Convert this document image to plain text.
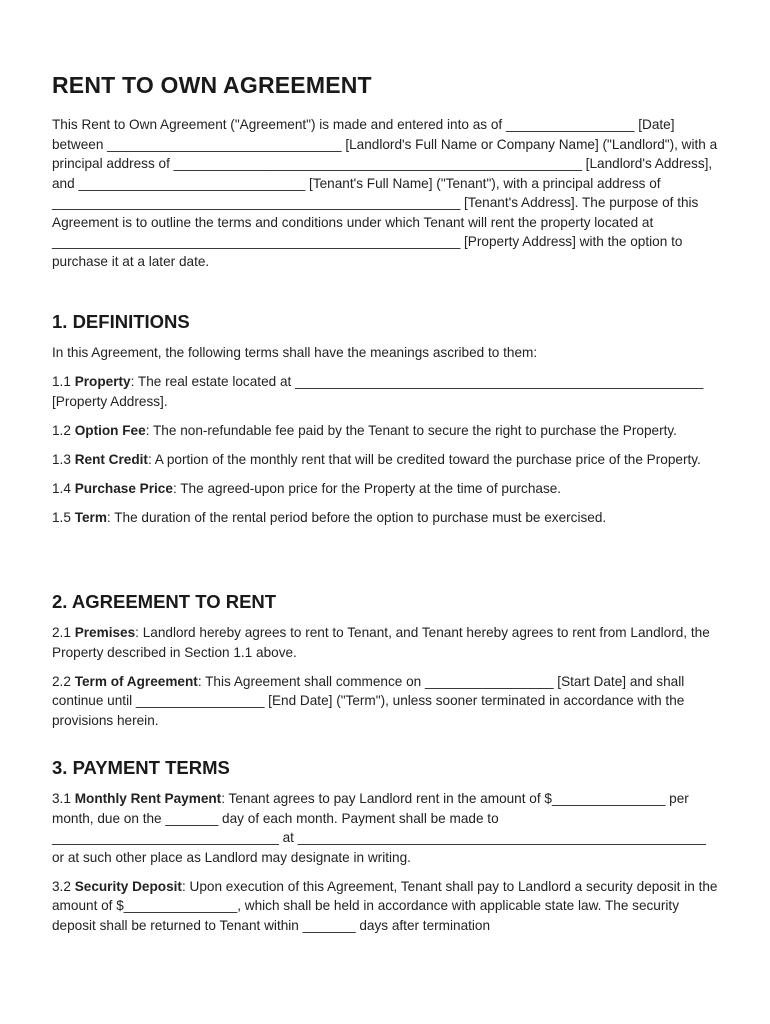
RENT TO OWN AGREEMENT

This Rent to Own Agreement ("Agreement") is made and entered into as of _________________ [Date] between _______________________________ [Landlord's Full Name or Company Name] ("Landlord"), with a principal address of ______________________________________________________ [Landlord's Address], and ______________________________ [Tenant's Full Name] ("Tenant"), with a principal address of ______________________________________________________ [Tenant's Address]. The purpose of this Agreement is to outline the terms and conditions under which Tenant will rent the property located at ______________________________________________________ [Property Address] with the option to purchase it at a later date.

1. DEFINITIONS

In this Agreement, the following terms shall have the meanings ascribed to them:

1.1 Property: The real estate located at ______________________________________________________ [Property Address].

1.2 Option Fee: The non-refundable fee paid by the Tenant to secure the right to purchase the Property.

1.3 Rent Credit: A portion of the monthly rent that will be credited toward the purchase price of the Property.

1.4 Purchase Price: The agreed-upon price for the Property at the time of purchase.

1.5 Term: The duration of the rental period before the option to purchase must be exercised.

2. AGREEMENT TO RENT

2.1 Premises: Landlord hereby agrees to rent to Tenant, and Tenant hereby agrees to rent from Landlord, the Property described in Section 1.1 above.

2.2 Term of Agreement: This Agreement shall commence on _________________ [Start Date] and shall continue until _________________ [End Date] ("Term"), unless sooner terminated in accordance with the provisions herein.

3. PAYMENT TERMS

3.1 Monthly Rent Payment: Tenant agrees to pay Landlord rent in the amount of $_______________ per month, due on the _______ day of each month. Payment shall be made to ______________________________ at ______________________________________________________ or at such other place as Landlord may designate in writing.

3.2 Security Deposit: Upon execution of this Agreement, Tenant shall pay to Landlord a security deposit in the amount of $_______________, which shall be held in accordance with applicable state law. The security deposit shall be returned to Tenant within _______ days after termination
